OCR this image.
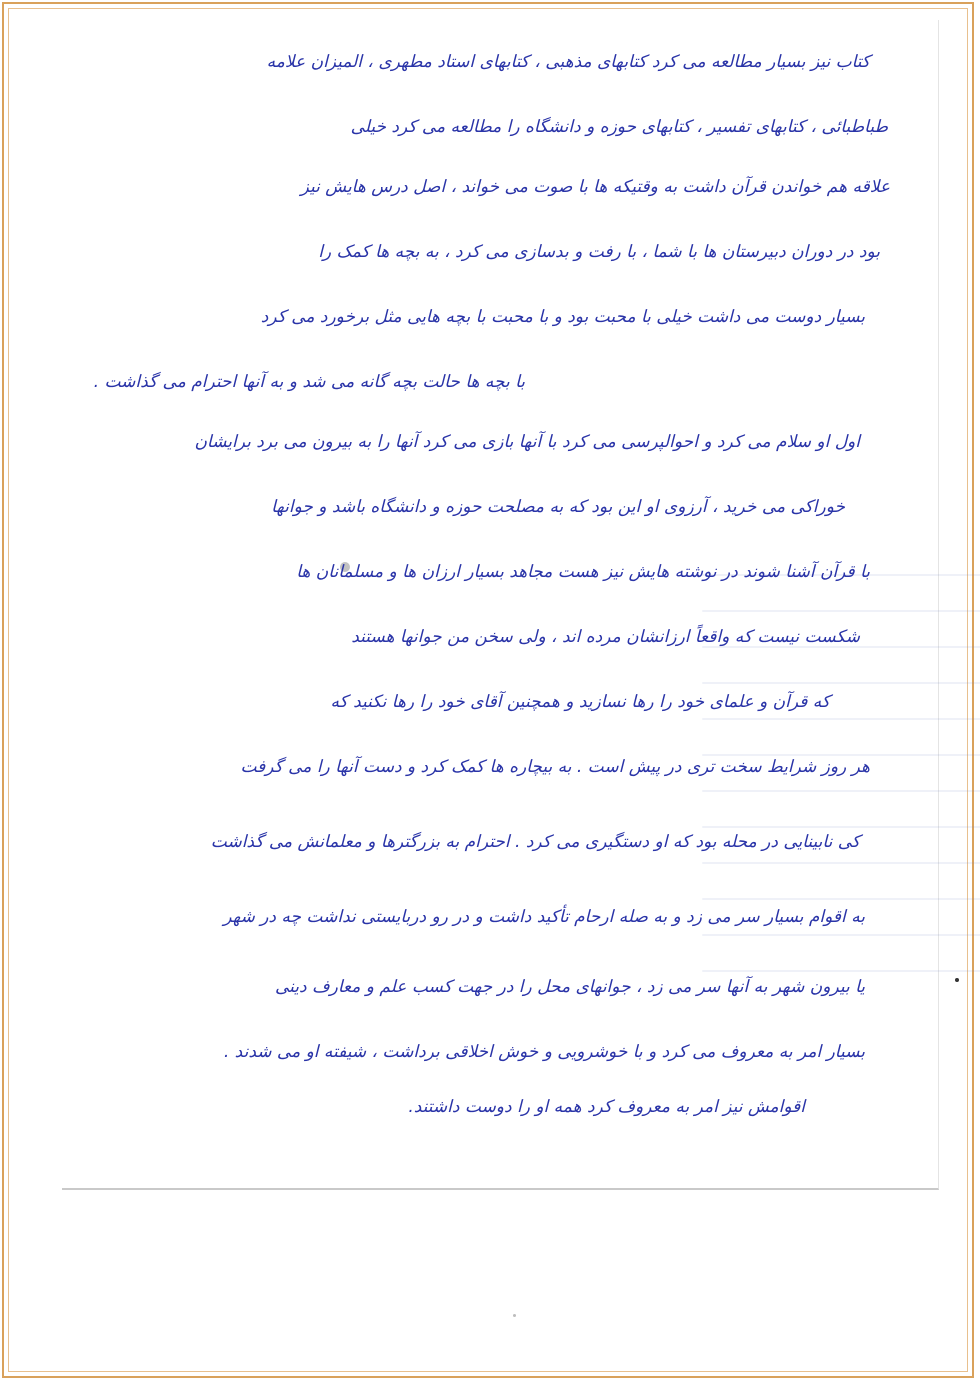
کتاب نیز بسیار مطالعه می کرد کتابهای مذهبی ، کتابهای استاد مطهری ، المیزان علامه
طباطبائی ، کتابهای تفسیر ، کتابهای حوزه و دانشگاه را مطالعه می کرد خیلی
علاقه هم خواندن قرآن داشت به وقتیکه ها با صوت می خواند ، اصل درس هایش نیز
بود در دوران دبیرستان ها با شما ، با رفت و بدسازی می کرد ، به بچه ها کمک را
بسیار دوست می داشت خیلی با محبت بود و با محبت با بچه هایی مثل برخورد می کرد
با بچه ها حالت بچه گانه می شد و به آنها احترام می گذاشت .
اول او سلام می کرد و احوالپرسی می کرد با آنها بازی می کرد آنها را به بیرون می برد برایشان
خوراکی می خرید ، آرزوی او این بود که به مصلحت حوزه و دانشگاه باشد و جوانها
با قرآن آشنا شوند در نوشته هایش نیز هست مجاهد بسیار ارزان ها و مسلمانان ها
شکست نیست که واقعاً ارزانشان مرده اند ، ولی سخن من جوانها هستند
که قرآن و علمای خود را رها نسازید و همچنین آقای خود را رها نکنید که
هر روز شرایط سخت تری در پیش است . به بیچاره ها کمک کرد و دست آنها را می گرفت
کی نابینایی در محله بود که او دستگیری می کرد . احترام به بزرگترها و معلمانش می گذاشت
به اقوام بسیار سر می زد و به صله ارحام تأکید داشت و در رو دربایستی نداشت چه در شهر
یا بیرون شهر به آنها سر می زد ، جوانهای محل را در جهت کسب علم و معارف دینی
بسیار امر به معروف می کرد و با خوشرویی و خوش اخلاقی برداشت ، شیفته او می شدند .
اقوامش نیز امر به معروف کرد همه او را دوست داشتند.
